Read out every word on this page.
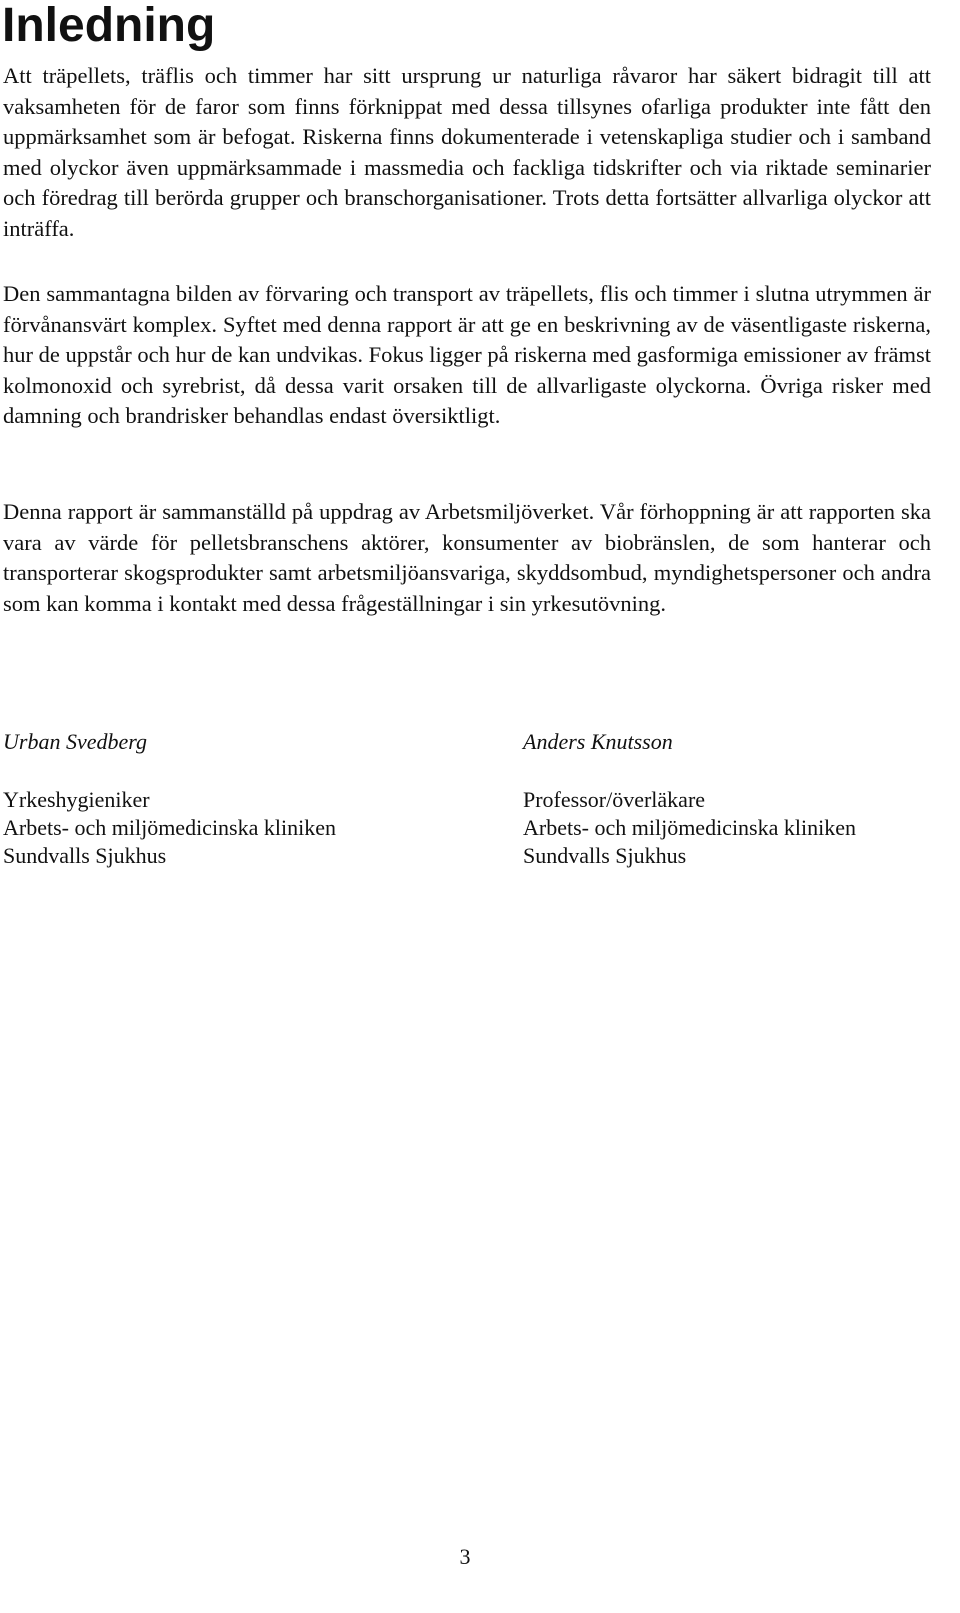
Inledning

Att träpellets, träflis och timmer har sitt ursprung ur naturliga råvaror har säkert bidragit till att vaksamheten för de faror som finns förknippat med dessa tillsynes ofarliga produkter inte fått den uppmärksamhet som är befogat. Riskerna finns dokumenterade i vetenskapliga studier och i samband med olyckor även uppmärksammade i massmedia och fackliga tidskrifter och via riktade seminarier och föredrag till berörda grupper och branschorganisationer. Trots detta fortsätter allvarliga olyckor att inträffa.

Den sammantagna bilden av förvaring och transport av träpellets, flis och timmer i slutna utrymmen är förvånansvärt komplex. Syftet med denna rapport är att ge en beskrivning av de väsentligaste riskerna, hur de uppstår och hur de kan undvikas. Fokus ligger på riskerna med gasformiga emissioner av främst kolmonoxid och syrebrist, då dessa varit orsaken till de allvarligaste olyckorna. Övriga risker med damning och brandrisker behandlas endast översiktligt.

Denna rapport är sammanställd på uppdrag av Arbetsmiljöverket. Vår förhoppning är att rapporten ska vara av värde för pelletsbranschens aktörer, konsumenter av biobränslen, de som hanterar och transporterar skogsprodukter samt arbetsmiljöansvariga, skyddsombud, myndighetspersoner och andra som kan komma i kontakt med dessa frågeställningar i sin yrkesutövning.

Urban Svedberg
Yrkeshygieniker
Arbets- och miljömedicinska kliniken
Sundvalls Sjukhus
Anders Knutsson
Professor/överläkare
Arbets- och miljömedicinska kliniken
Sundvalls Sjukhus
3
